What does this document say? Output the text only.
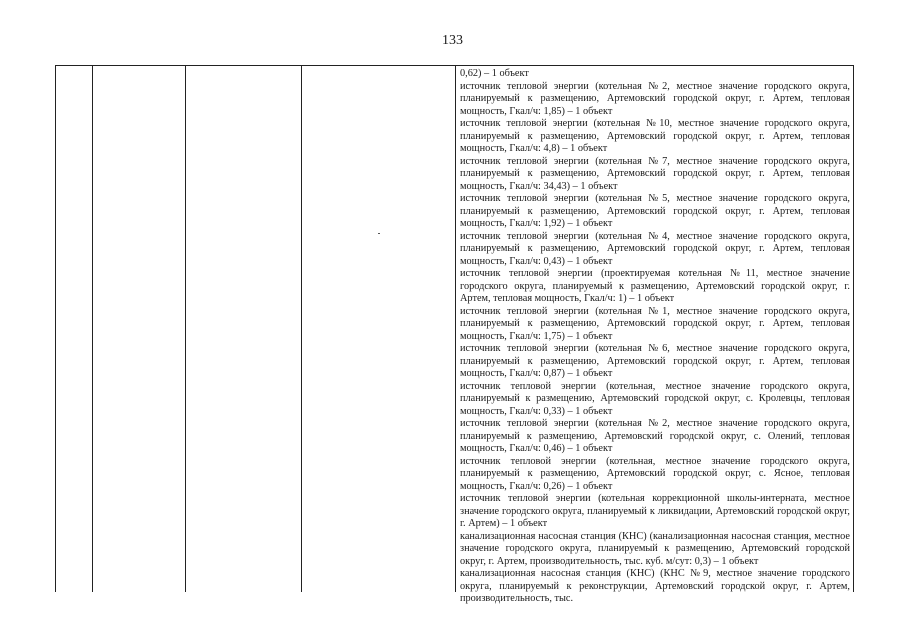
133

0,62) – 1 объект

источник тепловой энергии (котельная №2, местное значение городского округа, планируемый к размещению, Артемовский городской округ, г. Артем, тепловая мощность, Гкал/ч: 1,85) – 1 объект

источник тепловой энергии (котельная №10, местное значение городского округа, планируемый к размещению, Артемовский городской округ, г. Артем, тепловая мощность, Гкал/ч: 4,8) – 1 объект

источник тепловой энергии (котельная №7, местное значение городского округа, планируемый к размещению, Артемовский городской округ, г. Артем, тепловая мощность, Гкал/ч: 34,43) – 1 объект

источник тепловой энергии (котельная №5, местное значение городского округа, планируемый к размещению, Артемовский городской округ, г. Артем, тепловая мощность, Гкал/ч: 1,92) – 1 объект

источник тепловой энергии (котельная №4, местное значение городского округа, планируемый к размещению, Артемовский городской округ, г. Артем, тепловая мощность, Гкал/ч: 0,43) – 1 объект

источник тепловой энергии (проектируемая котельная №11, местное значение городского округа, планируемый к размещению, Артемовский городской округ, г. Артем, тепловая мощность, Гкал/ч: 1) – 1 объект

источник тепловой энергии (котельная №1, местное значение городского округа, планируемый к размещению, Артемовский городской округ, г. Артем, тепловая мощность, Гкал/ч: 1,75) – 1 объект

источник тепловой энергии (котельная №6, местное значение городского округа, планируемый к размещению, Артемовский городской округ, г. Артем, тепловая мощность, Гкал/ч: 0,87) – 1 объект

источник тепловой энергии (котельная, местное значение городского округа, планируемый к размещению, Артемовский городской округ, с. Кролевцы, тепловая мощность, Гкал/ч: 0,33) – 1 объект

источник тепловой энергии (котельная №2, местное значение городского округа, планируемый к размещению, Артемовский городской округ, с. Олений, тепловая мощность, Гкал/ч: 0,46) – 1 объект

источник тепловой энергии (котельная, местное значение городского округа, планируемый к размещению, Артемовский городской округ, с. Ясное, тепловая мощность, Гкал/ч: 0,26) – 1 объект

источник тепловой энергии (котельная коррекционной школы-интерната, местное значение городского округа, планируемый к ликвидации, Артемовский городской округ, г. Артем) – 1 объект

канализационная насосная станция (КНС) (канализационная насосная станция, местное значение городского округа, планируемый к размещению, Артемовский городской округ, г. Артем, производительность, тыс. куб. м/сут: 0,3) – 1 объект

канализационная насосная станция (КНС) (КНС №9, местное значение городского округа, планируемый к реконструкции, Артемовский городской округ, г. Артем, производительность, тыс.
